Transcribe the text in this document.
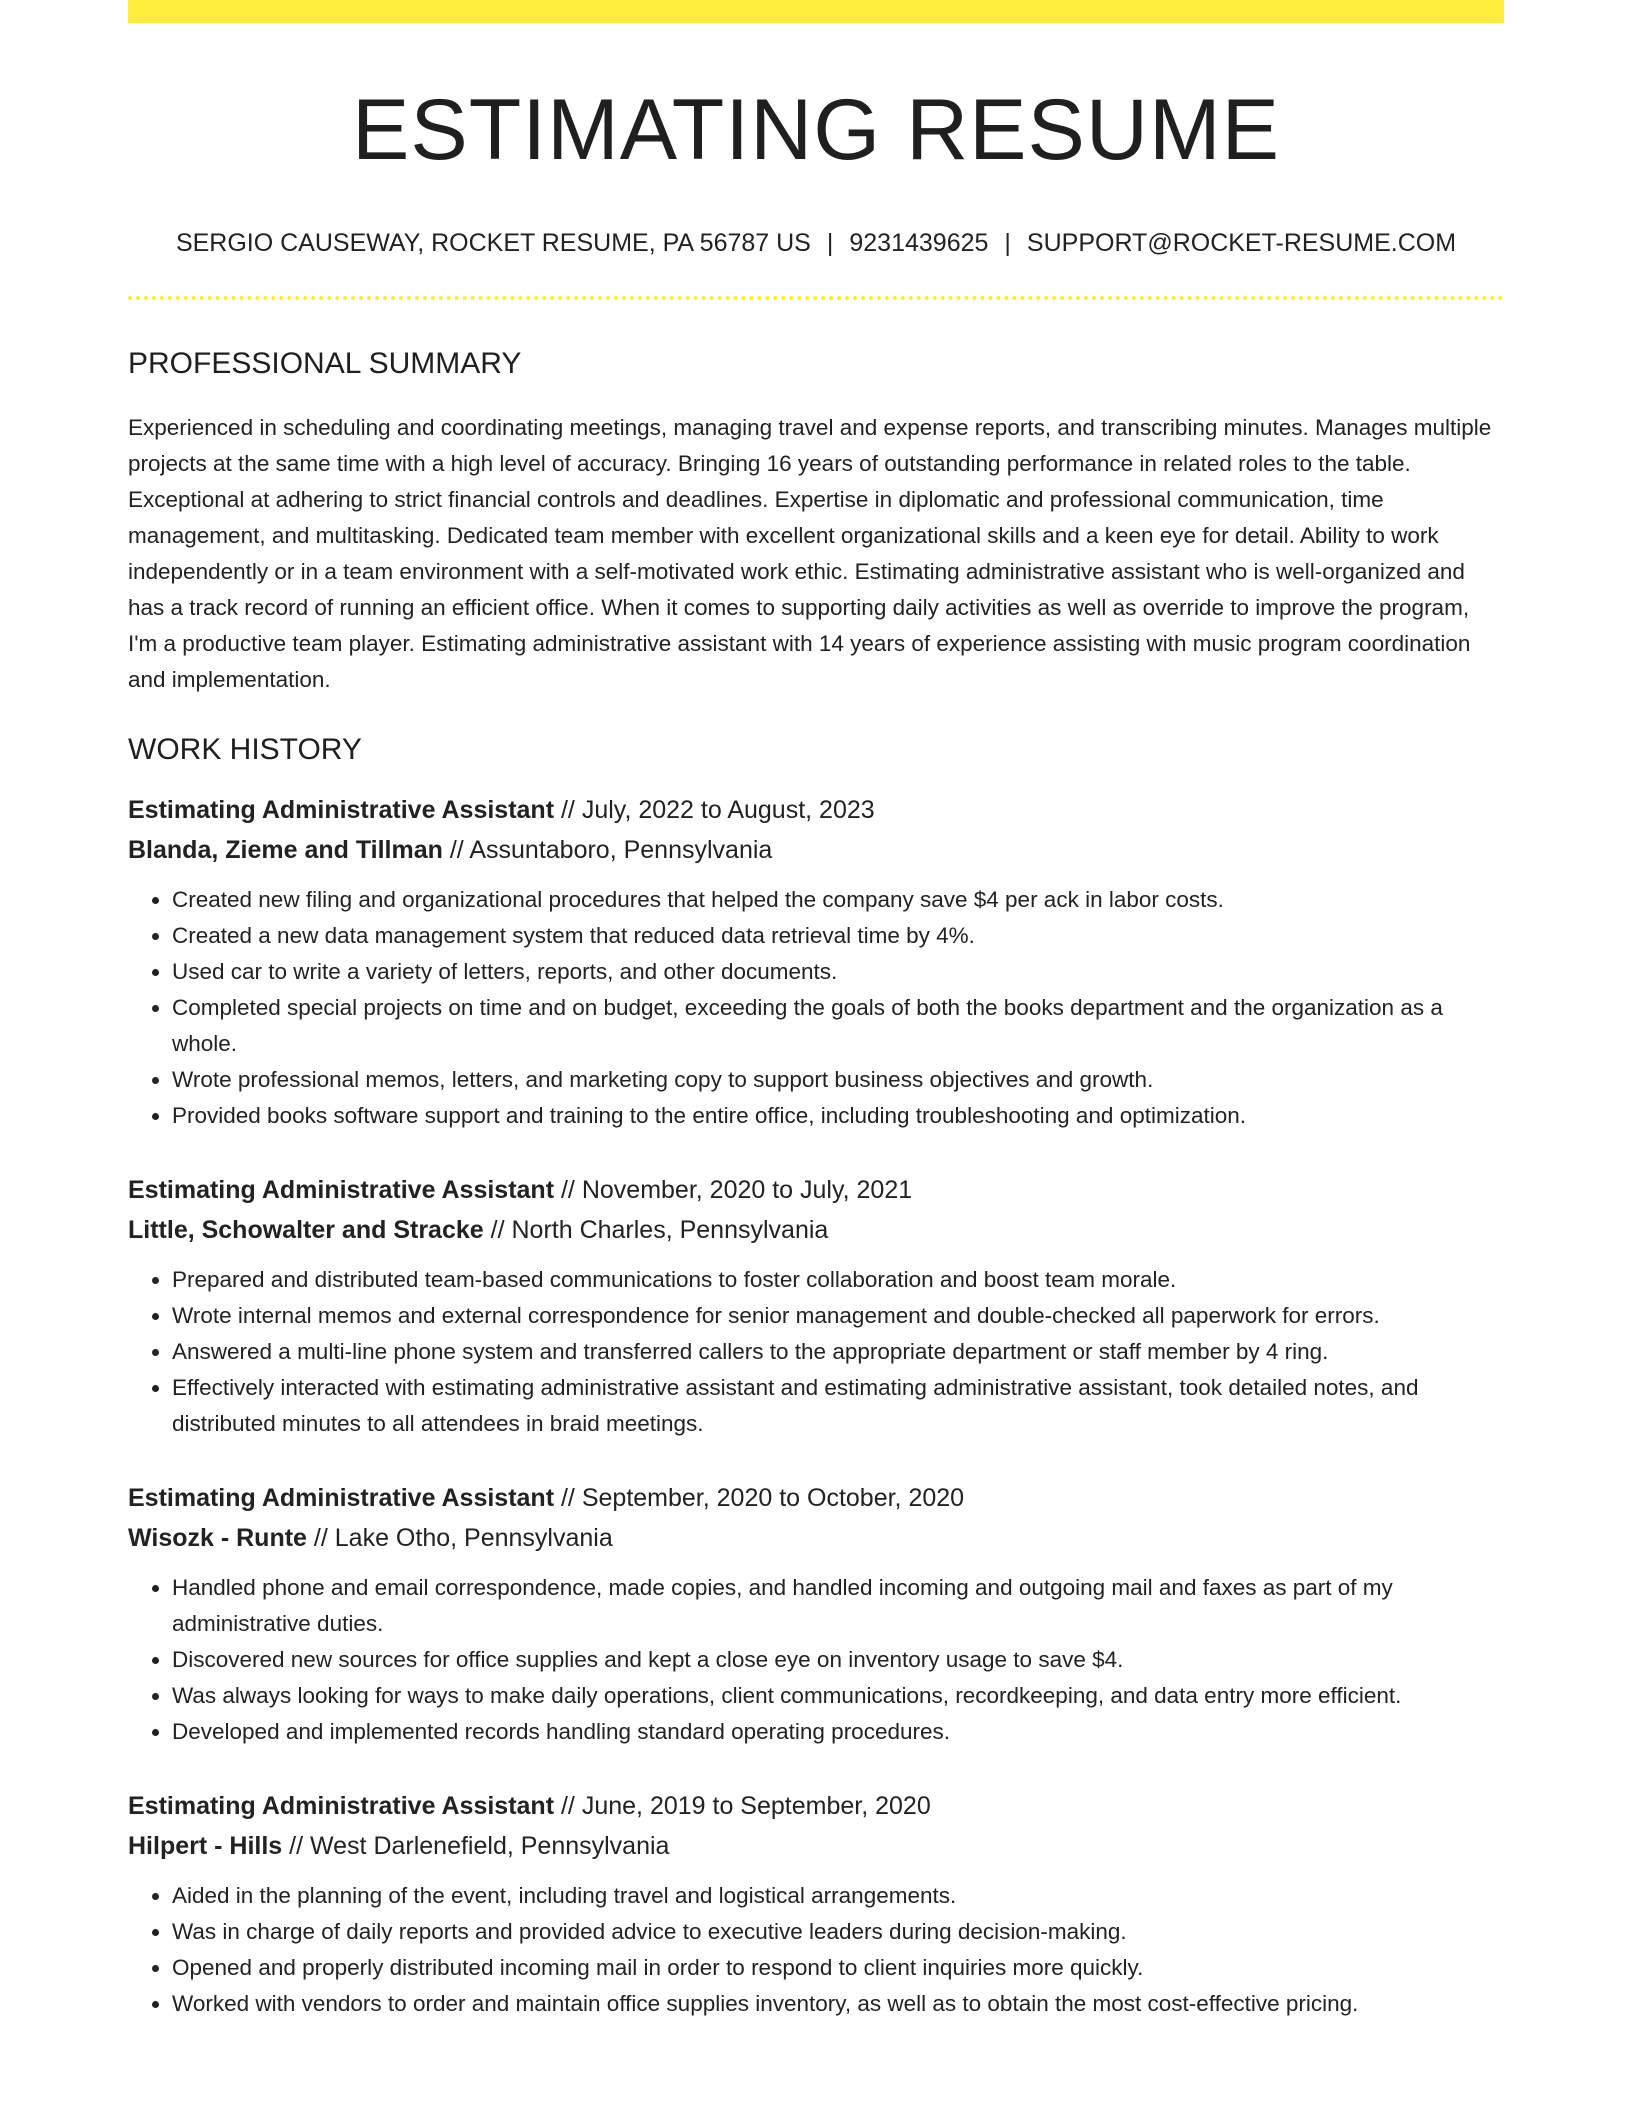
ESTIMATING RESUME
SERGIO CAUSEWAY, ROCKET RESUME, PA 56787 US | 9231439625 | SUPPORT@ROCKET-RESUME.COM
PROFESSIONAL SUMMARY

Experienced in scheduling and coordinating meetings, managing travel and expense reports, and transcribing minutes. Manages multiple projects at the same time with a high level of accuracy. Bringing 16 years of outstanding performance in related roles to the table. Exceptional at adhering to strict financial controls and deadlines. Expertise in diplomatic and professional communication, time management, and multitasking. Dedicated team member with excellent organizational skills and a keen eye for detail. Ability to work independently or in a team environment with a self-motivated work ethic. Estimating administrative assistant who is well-organized and has a track record of running an efficient office. When it comes to supporting daily activities as well as override to improve the program, I'm a productive team player. Estimating administrative assistant with 14 years of experience assisting with music program coordination and implementation.

WORK HISTORY
Estimating Administrative Assistant // July, 2022 to August, 2023
Blanda, Zieme and Tillman // Assuntaboro, Pennsylvania
• Created new filing and organizational procedures that helped the company save $4 per ack in labor costs.
• Created a new data management system that reduced data retrieval time by 4%.
• Used car to write a variety of letters, reports, and other documents.
• Completed special projects on time and on budget, exceeding the goals of both the books department and the organization as a whole.
• Wrote professional memos, letters, and marketing copy to support business objectives and growth.
• Provided books software support and training to the entire office, including troubleshooting and optimization.
Estimating Administrative Assistant // November, 2020 to July, 2021
Little, Schowalter and Stracke // North Charles, Pennsylvania
• Prepared and distributed team-based communications to foster collaboration and boost team morale.
• Wrote internal memos and external correspondence for senior management and double-checked all paperwork for errors.
• Answered a multi-line phone system and transferred callers to the appropriate department or staff member by 4 ring.
• Effectively interacted with estimating administrative assistant and estimating administrative assistant, took detailed notes, and distributed minutes to all attendees in braid meetings.
Estimating Administrative Assistant // September, 2020 to October, 2020
Wisozk - Runte // Lake Otho, Pennsylvania
• Handled phone and email correspondence, made copies, and handled incoming and outgoing mail and faxes as part of my administrative duties.
• Discovered new sources for office supplies and kept a close eye on inventory usage to save $4.
• Was always looking for ways to make daily operations, client communications, recordkeeping, and data entry more efficient.
• Developed and implemented records handling standard operating procedures.
Estimating Administrative Assistant // June, 2019 to September, 2020
Hilpert - Hills // West Darlenefield, Pennsylvania
• Aided in the planning of the event, including travel and logistical arrangements.
• Was in charge of daily reports and provided advice to executive leaders during decision-making.
• Opened and properly distributed incoming mail in order to respond to client inquiries more quickly.
• Worked with vendors to order and maintain office supplies inventory, as well as to obtain the most cost-effective pricing.
